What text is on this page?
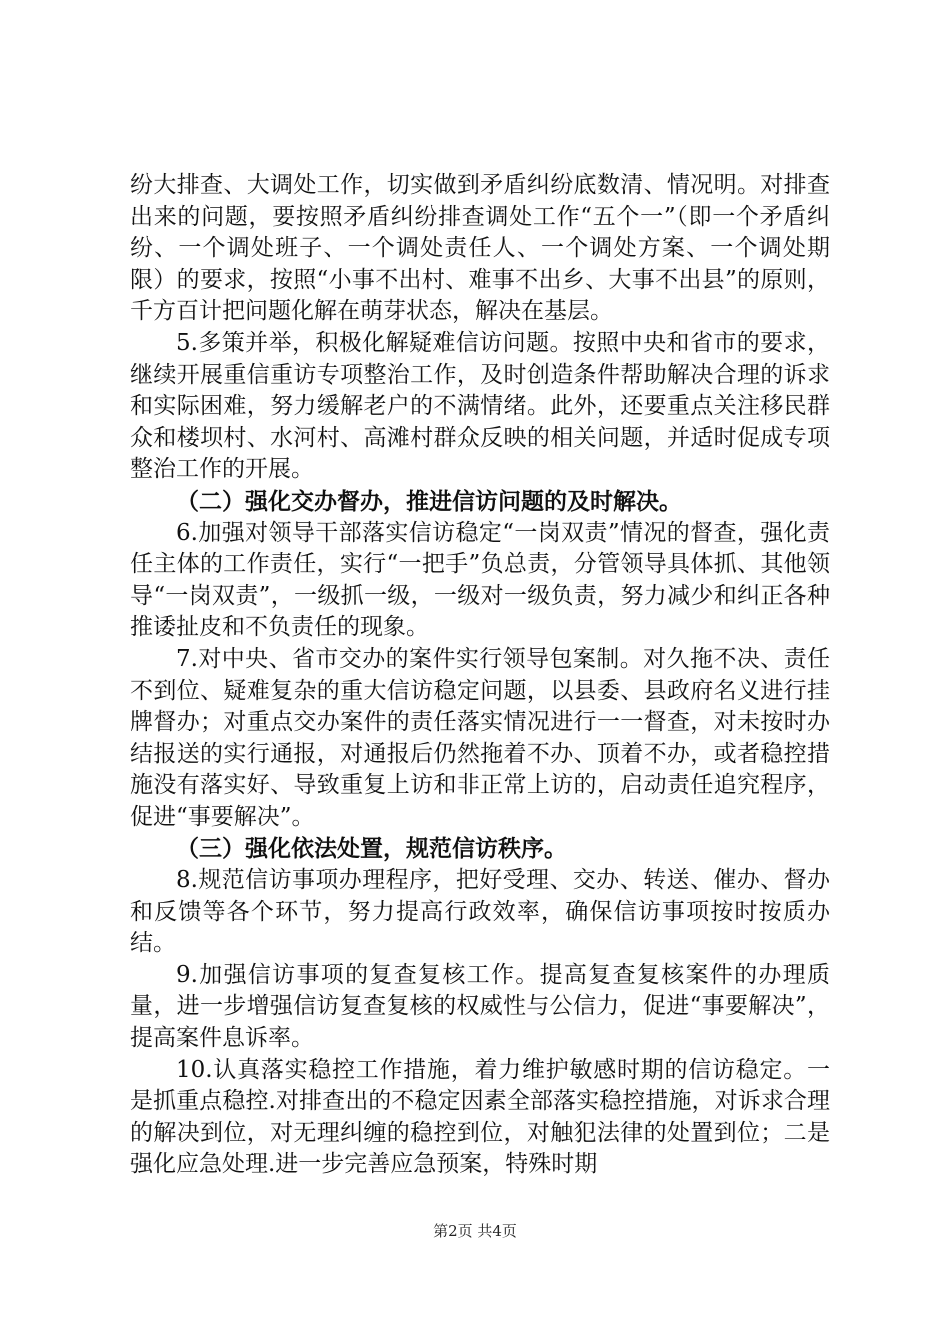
纷大排查、大调处工作，切实做到矛盾纠纷底数清、情况明。对排查出来的问题，要按照矛盾纠纷排查调处工作“五个一”（即一个矛盾纠纷、一个调处班子、一个调处责任人、一个调处方案、一个调处期限）的要求，按照“小事不出村、难事不出乡、大事不出县”的原则，千方百计把问题化解在萌芽状态，解决在基层。

5.多策并举，积极化解疑难信访问题。按照中央和省市的要求，继续开展重信重访专项整治工作，及时创造条件帮助解决合理的诉求和实际困难，努力缓解老户的不满情绪。此外，还要重点关注移民群众和楼坝村、水河村、高滩村群众反映的相关问题，并适时促成专项整治工作的开展。

（二）强化交办督办，推进信访问题的及时解决。

6.加强对领导干部落实信访稳定“一岗双责”情况的督查，强化责任主体的工作责任，实行“一把手”负总责，分管领导具体抓、其他领导“一岗双责”，一级抓一级，一级对一级负责，努力减少和纠正各种推诿扯皮和不负责任的现象。

7.对中央、省市交办的案件实行领导包案制。对久拖不决、责任不到位、疑难复杂的重大信访稳定问题，以县委、县政府名义进行挂牌督办；对重点交办案件的责任落实情况进行一一督查，对未按时办结报送的实行通报，对通报后仍然拖着不办、顶着不办，或者稳控措施没有落实好、导致重复上访和非正常上访的，启动责任追究程序，促进“事要解决”。

（三）强化依法处置，规范信访秩序。

8.规范信访事项办理程序，把好受理、交办、转送、催办、督办和反馈等各个环节，努力提高行政效率，确保信访事项按时按质办结。

9.加强信访事项的复查复核工作。提高复查复核案件的办理质量，进一步增强信访复查复核的权威性与公信力，促进“事要解决”，提高案件息诉率。

10.认真落实稳控工作措施，着力维护敏感时期的信访稳定。一是抓重点稳控.对排查出的不稳定因素全部落实稳控措施，对诉求合理的解决到位，对无理纠缠的稳控到位，对触犯法律的处置到位；二是强化应急处理.进一步完善应急预案，特殊时期

第2页 共4页
